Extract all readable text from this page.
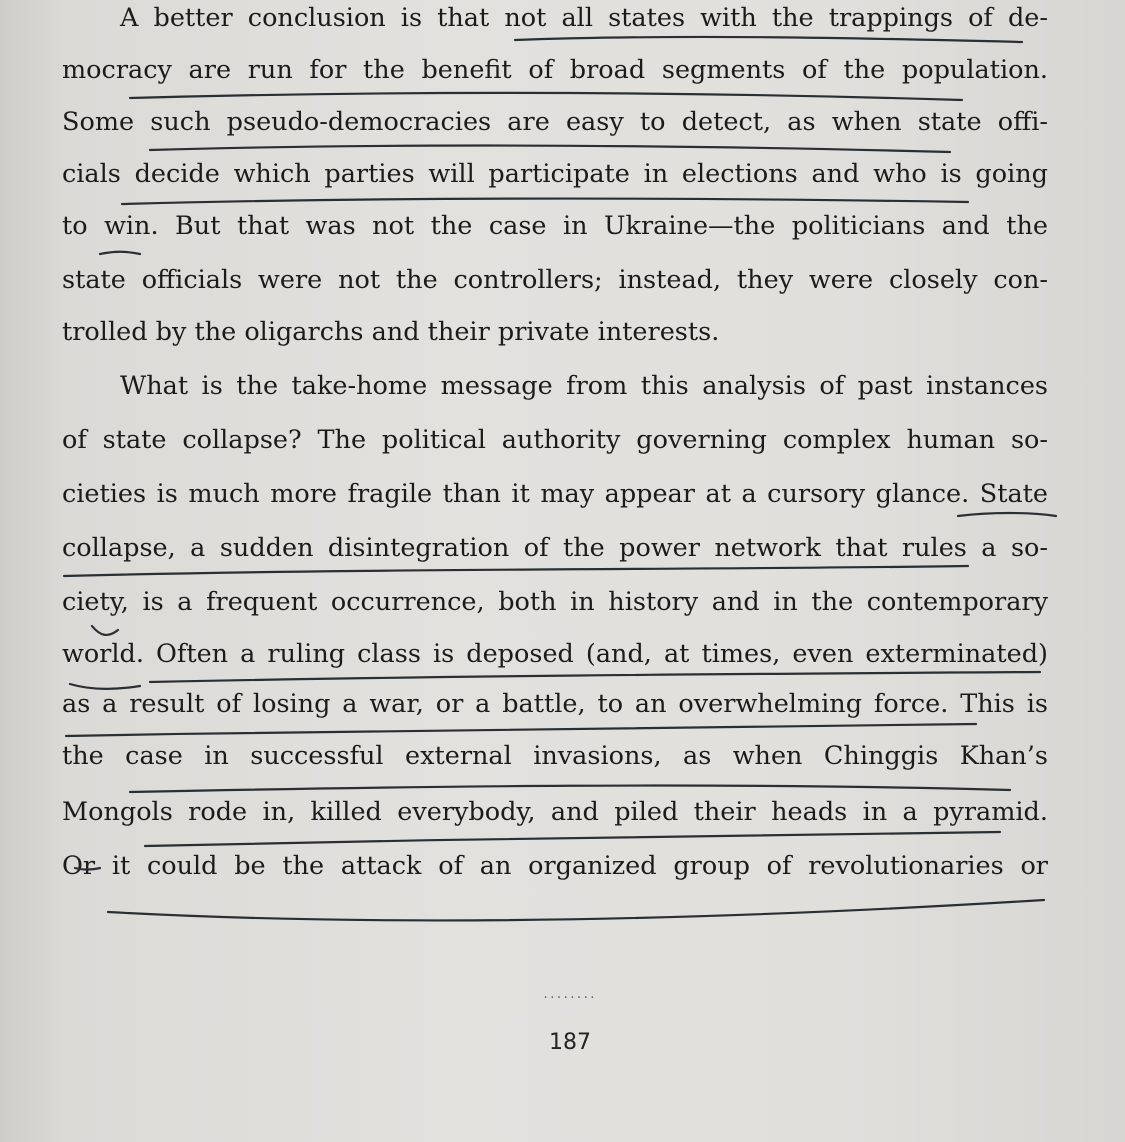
A better conclusion is that not all states with the trappings of de-
mocracy are run for the benefit of broad segments of the population.
Some such pseudo-democracies are easy to detect, as when state offi-
cials decide which parties will participate in elections and who is going
to win. But that was not the case in Ukraine—the politicians and the
state officials were not the controllers; instead, they were closely con-
trolled by the oligarchs and their private interests.
What is the take-home message from this analysis of past instances
of state collapse? The political authority governing complex human so-
cieties is much more fragile than it may appear at a cursory glance. State
collapse, a sudden disintegration of the power network that rules a so-
ciety, is a frequent occurrence, both in history and in the contemporary
world. Often a ruling class is deposed (and, at times, even exterminated)
as a result of losing a war, or a battle, to an overwhelming force. This is
the case in successful external invasions, as when Chinggis Khan’s
Mongols rode in, killed everybody, and piled their heads in a pyramid.
Or it could be the attack of an organized group of revolutionaries or
․․․․․․․․
187
